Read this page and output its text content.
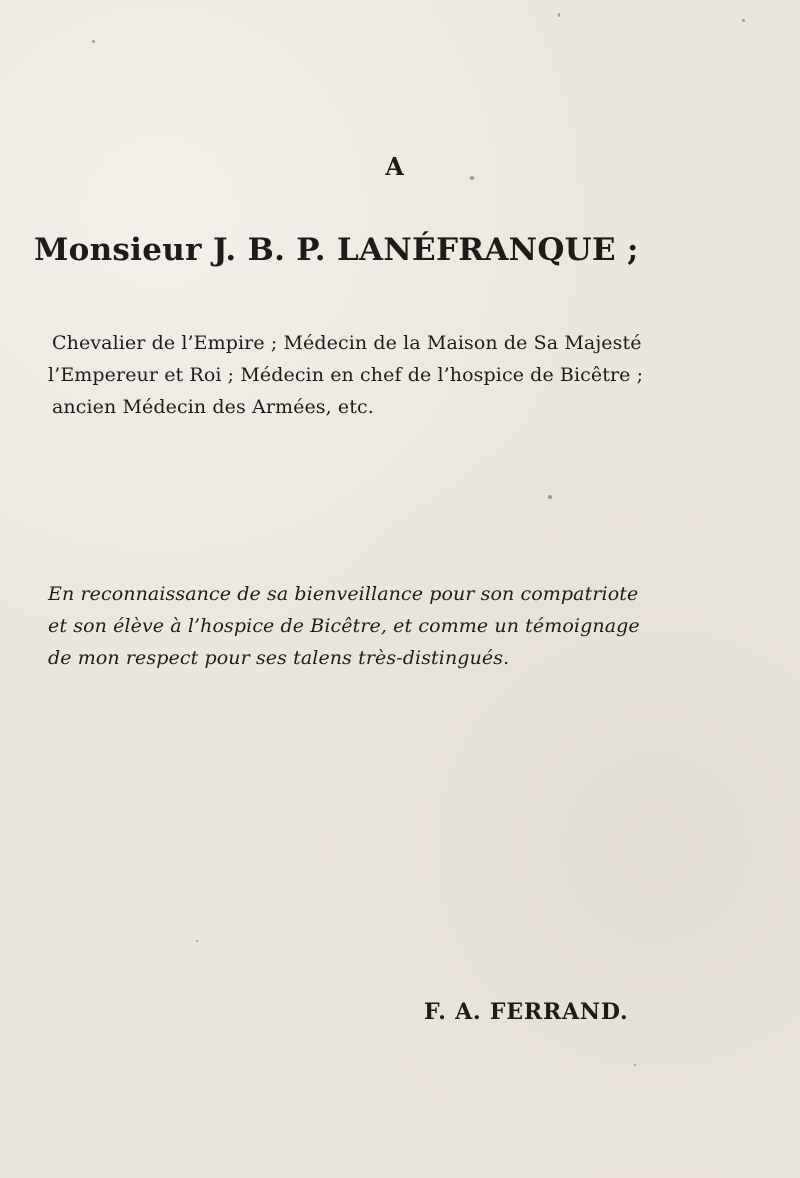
A
Monsieur J. B. P. LANÉFRANQUE ;
Chevalier de l’Empire ; Médecin de la Maison de Sa Majesté
l’Empereur et Roi ; Médecin en chef de l’hospice de Bicêtre ;
ancien Médecin des Armées, etc.
En reconnaissance de sa bienveillance pour son compatriote
et son élève à l’hospice de Bicêtre, et comme un témoignage
de mon respect pour ses talens très-distingués.
F. A. FERRAND.
